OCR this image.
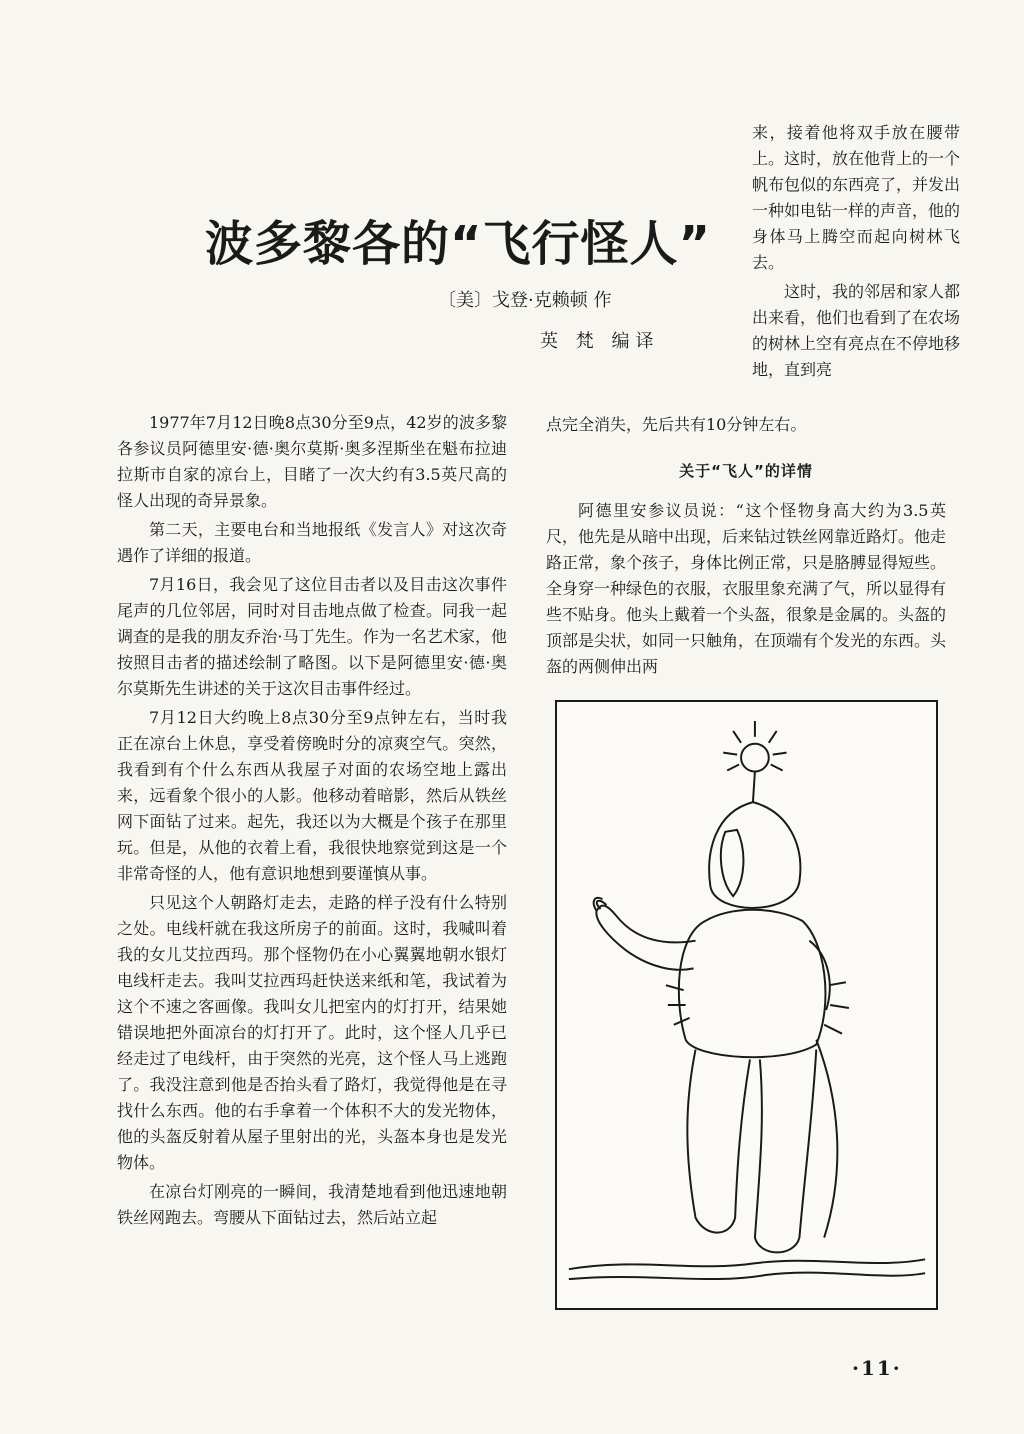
波多黎各的“飞行怪人”
〔美〕戈登·克赖顿 作
英 梵 编译

来，接着他将双手放在腰带上。这时，放在他背上的一个帆布包似的东西亮了，并发出一种如电钻一样的声音，他的身体马上腾空而起向树林飞去。

这时，我的邻居和家人都出来看，他们也看到了在农场的树林上空有亮点在不停地移地，直到亮

1977年7月12日晚8点30分至9点，42岁的波多黎各参议员阿德里安·德·奥尔莫斯·奥多涅斯坐在魁布拉迪拉斯市自家的凉台上，目睹了一次大约有3.5英尺高的怪人出现的奇异景象。

第二天，主要电台和当地报纸《发言人》对这次奇遇作了详细的报道。

7月16日，我会见了这位目击者以及目击这次事件尾声的几位邻居，同时对目击地点做了检查。同我一起调查的是我的朋友乔治·马丁先生。作为一名艺术家，他按照目击者的描述绘制了略图。以下是阿德里安·德·奥尔莫斯先生讲述的关于这次目击事件经过。

7月12日大约晚上8点30分至9点钟左右，当时我正在凉台上休息，享受着傍晚时分的凉爽空气。突然，我看到有个什么东西从我屋子对面的农场空地上露出来，远看象个很小的人影。他移动着暗影，然后从铁丝网下面钻了过来。起先，我还以为大概是个孩子在那里玩。但是，从他的衣着上看，我很快地察觉到这是一个非常奇怪的人，他有意识地想到要谨慎从事。

只见这个人朝路灯走去，走路的样子没有什么特别之处。电线杆就在我这所房子的前面。这时，我喊叫着我的女儿艾拉西玛。那个怪物仍在小心翼翼地朝水银灯电线杆走去。我叫艾拉西玛赶快送来纸和笔，我试着为这个不速之客画像。我叫女儿把室内的灯打开，结果她错误地把外面凉台的灯打开了。此时，这个怪人几乎已经走过了电线杆，由于突然的光亮，这个怪人马上逃跑了。我没注意到他是否抬头看了路灯，我觉得他是在寻找什么东西。他的右手拿着一个体积不大的发光物体，他的头盔反射着从屋子里射出的光，头盔本身也是发光物体。

在凉台灯刚亮的一瞬间，我清楚地看到他迅速地朝铁丝网跑去。弯腰从下面钻过去，然后站立起

点完全消失，先后共有10分钟左右。

关于“飞人”的详情

阿德里安参议员说：“这个怪物身高大约为3.5英尺，他先是从暗中出现，后来钻过铁丝网靠近路灯。他走路正常，象个孩子，身体比例正常，只是胳膊显得短些。全身穿一种绿色的衣服，衣服里象充满了气，所以显得有些不贴身。他头上戴着一个头盔，很象是金属的。头盔的顶部是尖状，如同一只触角，在顶端有个发光的东西。头盔的两侧伸出两

·11·
